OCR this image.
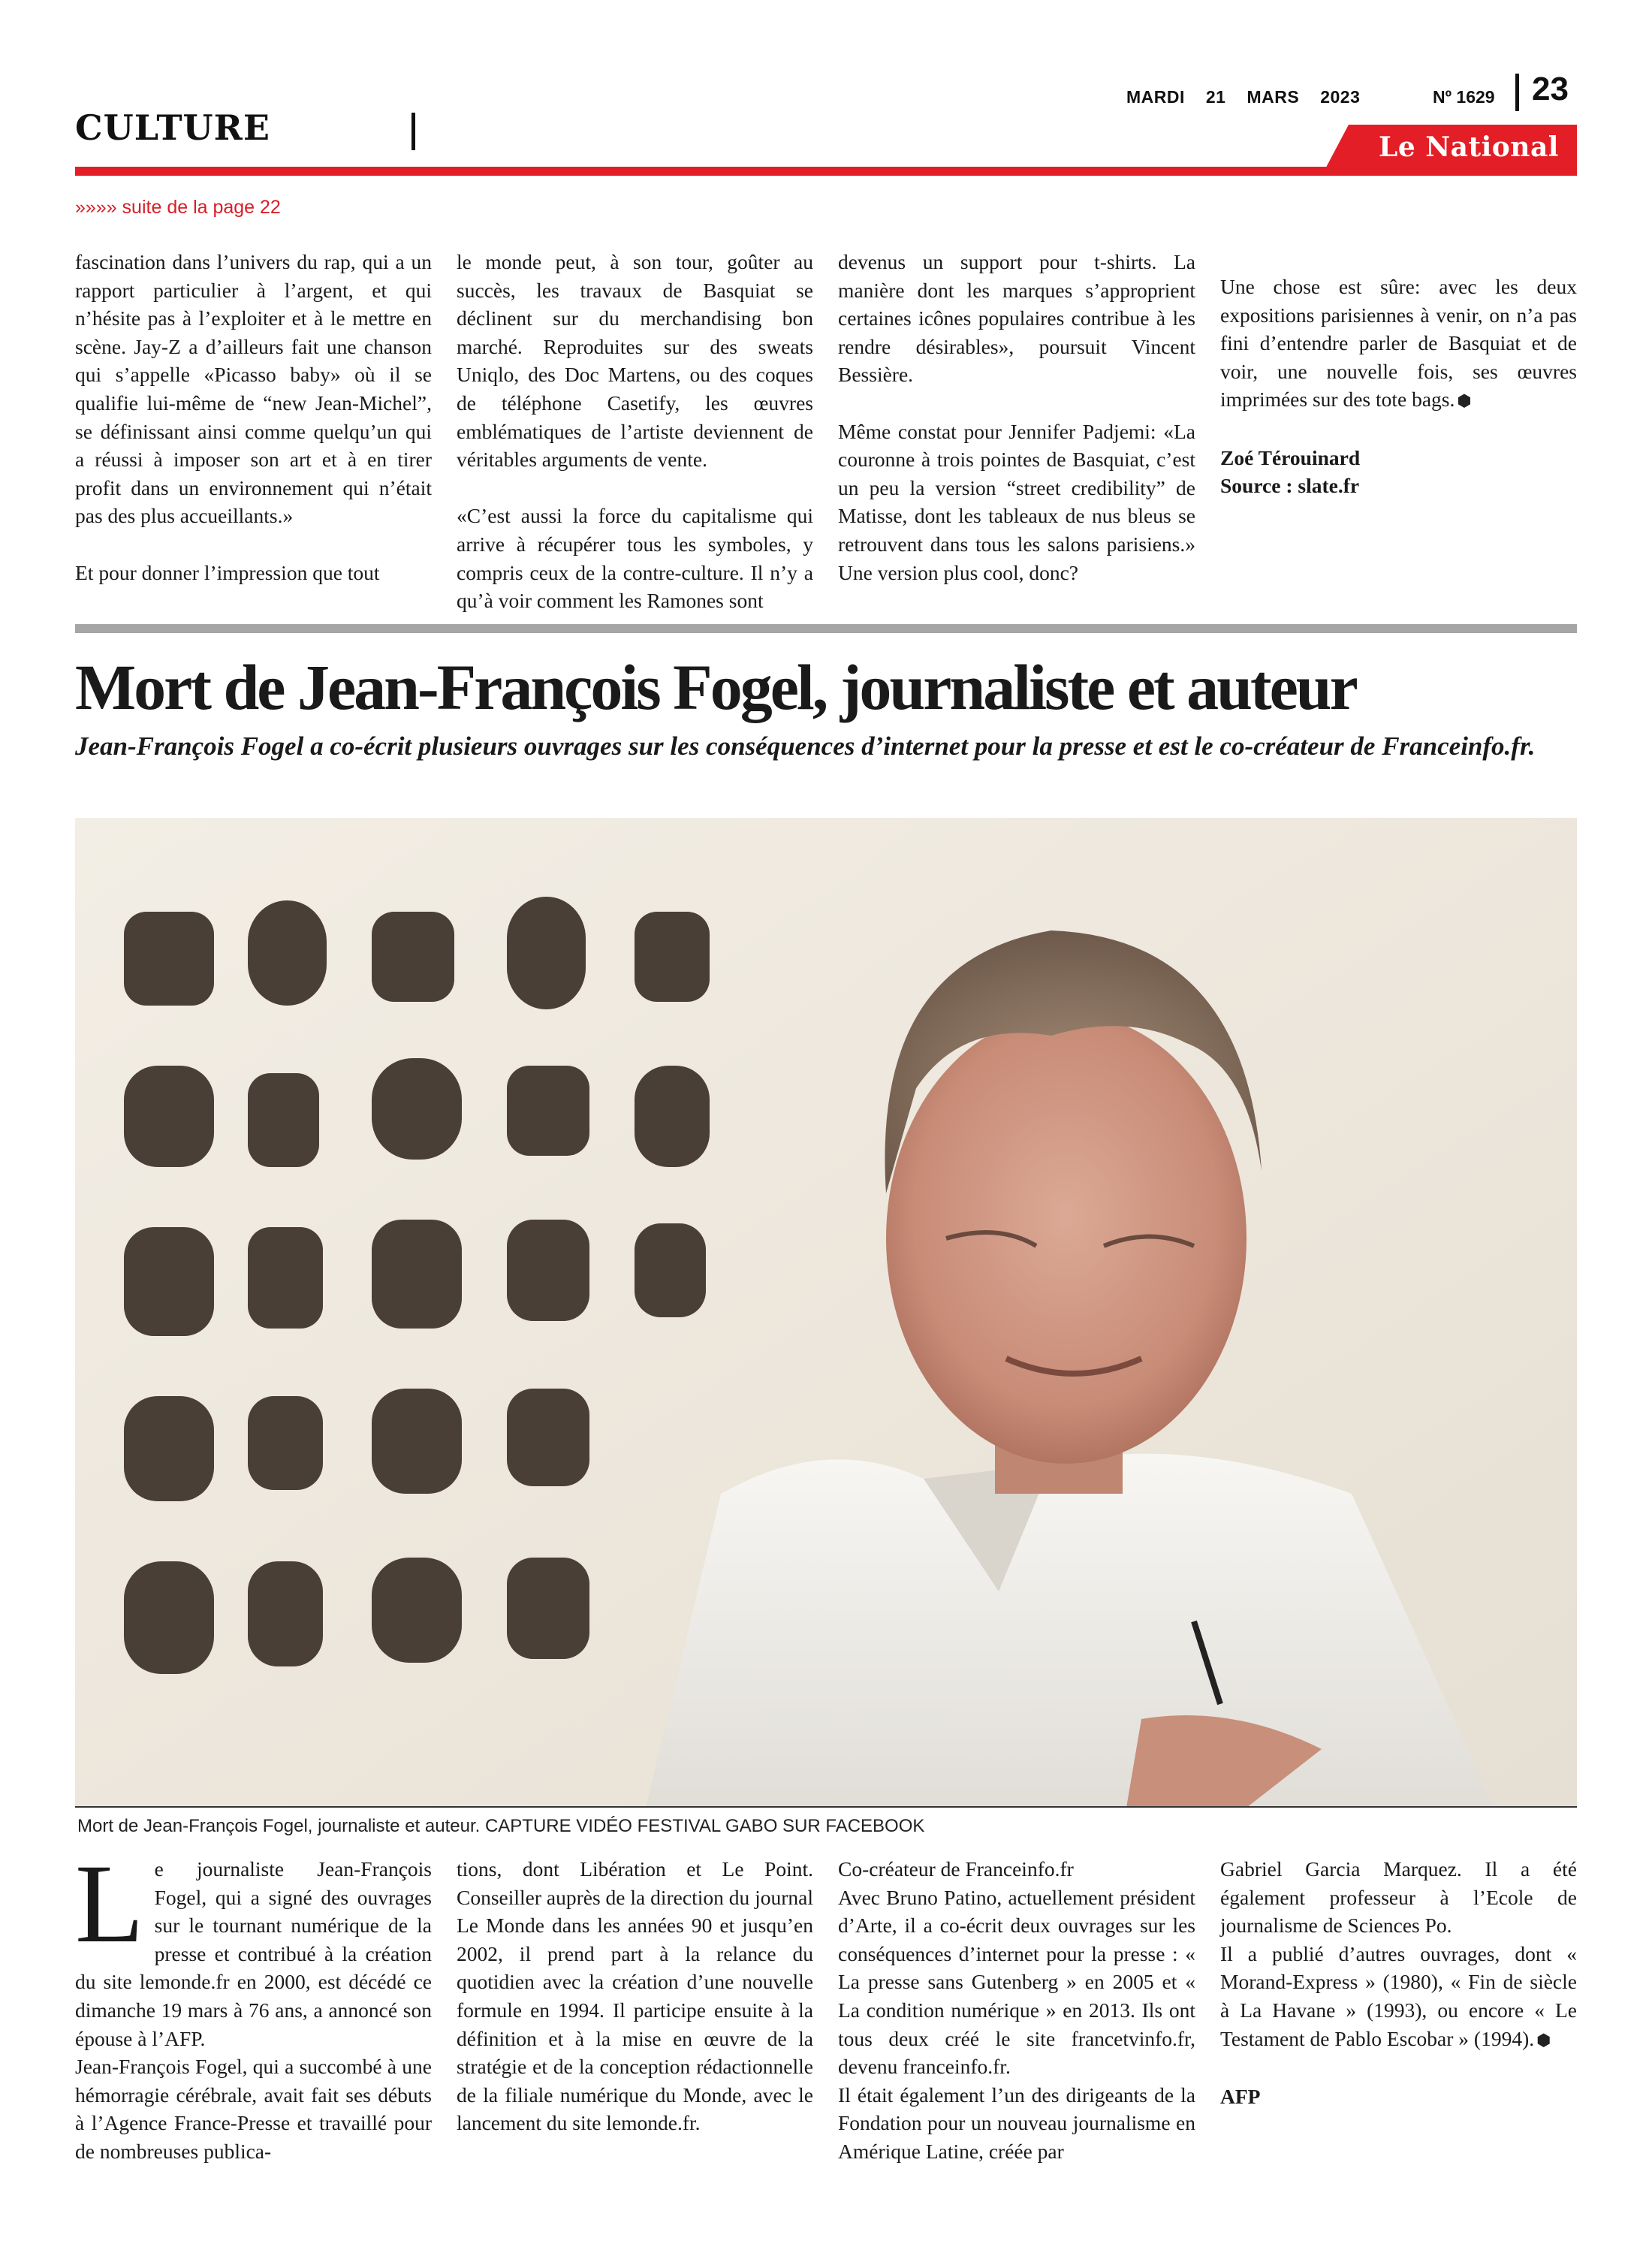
CULTURE
MARDI 21 MARS 2023	Nº 1629 23
Le National
»»»» suite de la page 22

fascination dans l’univers du rap, qui a un rapport particulier à l’argent, et qui n’hésite pas à l’exploiter et à le mettre en scène. Jay-Z a d’ailleurs fait une chanson qui s’appelle «Picasso baby» où il se qualifie lui-même de “new Jean-Michel”, se définissant ainsi comme quelqu’un qui a réussi à imposer son art et à en tirer profit dans un environnement qui n’était pas des plus accueillants.»

Et pour donner l’impression que tout

le monde peut, à son tour, goûter au succès, les travaux de Basquiat se déclinent sur du merchandising bon marché. Reproduites sur des sweats Uniqlo, des Doc Martens, ou des coques de téléphone Casetify, les œuvres emblématiques de l’artiste deviennent de véritables arguments de vente.

«C’est aussi la force du capitalisme qui arrive à récupérer tous les symboles, y compris ceux de la contre-culture. Il n’y a qu’à voir comment les Ramones sont

devenus un support pour t-shirts. La manière dont les marques s’approprient certaines icônes populaires contribue à les rendre désirables», poursuit Vincent Bessière.

Même constat pour Jennifer Padjemi: «La couronne à trois pointes de Basquiat, c’est un peu la version “street credibility” de Matisse, dont les tableaux de nus bleus se retrouvent dans tous les salons parisiens.» Une version plus cool, donc?

Une chose est sûre: avec les deux expositions parisiennes à venir, on n’a pas fini d’entendre parler de Basquiat et de voir, une nouvelle fois, ses œuvres imprimées sur des tote bags. ⬢

Zoé Térouinard
Source : slate.fr
Mort de Jean-François Fogel, journaliste et auteur
Jean-François Fogel a co-écrit plusieurs ouvrages sur les conséquences d’internet pour la presse et est le co-créateur de Franceinfo.fr.
Mort de Jean-François Fogel, journaliste et auteur. CAPTURE VIDÉO FESTIVAL GABO SUR FACEBOOK

Le journaliste Jean-François Fogel, qui a signé des ouvrages sur le tournant numérique de la presse et contribué à la création du site lemonde.fr en 2000, est décédé ce dimanche 19 mars à 76 ans, a annoncé son épouse à l’AFP.

Jean-François Fogel, qui a succombé à une hémorragie cérébrale, avait fait ses débuts à l’Agence France-Presse et travaillé pour de nombreuses publica-

tions, dont Libération et Le Point. Conseiller auprès de la direction du journal Le Monde dans les années 90 et jusqu’en 2002, il prend part à la relance du quotidien avec la création d’une nouvelle formule en 1994. Il participe ensuite à la définition et à la mise en œuvre de la stratégie et de la conception rédactionnelle de la filiale numérique du Monde, avec le lancement du site lemonde.fr.

Co-créateur de Franceinfo.fr

Avec Bruno Patino, actuellement président d’Arte, il a co-écrit deux ouvrages sur les conséquences d’internet pour la presse : « La presse sans Gutenberg » en 2005 et « La condition numérique » en 2013. Ils ont tous deux créé le site francetvinfo.fr, devenu franceinfo.fr.

Il était également l’un des dirigeants de la Fondation pour un nouveau journalisme en Amérique Latine, créée par

Gabriel Garcia Marquez. Il a été également professeur à l’Ecole de journalisme de Sciences Po.

Il a publié d’autres ouvrages, dont « Morand-Express » (1980), « Fin de siècle à La Havane » (1993), ou encore « Le Testament de Pablo Escobar » (1994). ⬢

AFP
